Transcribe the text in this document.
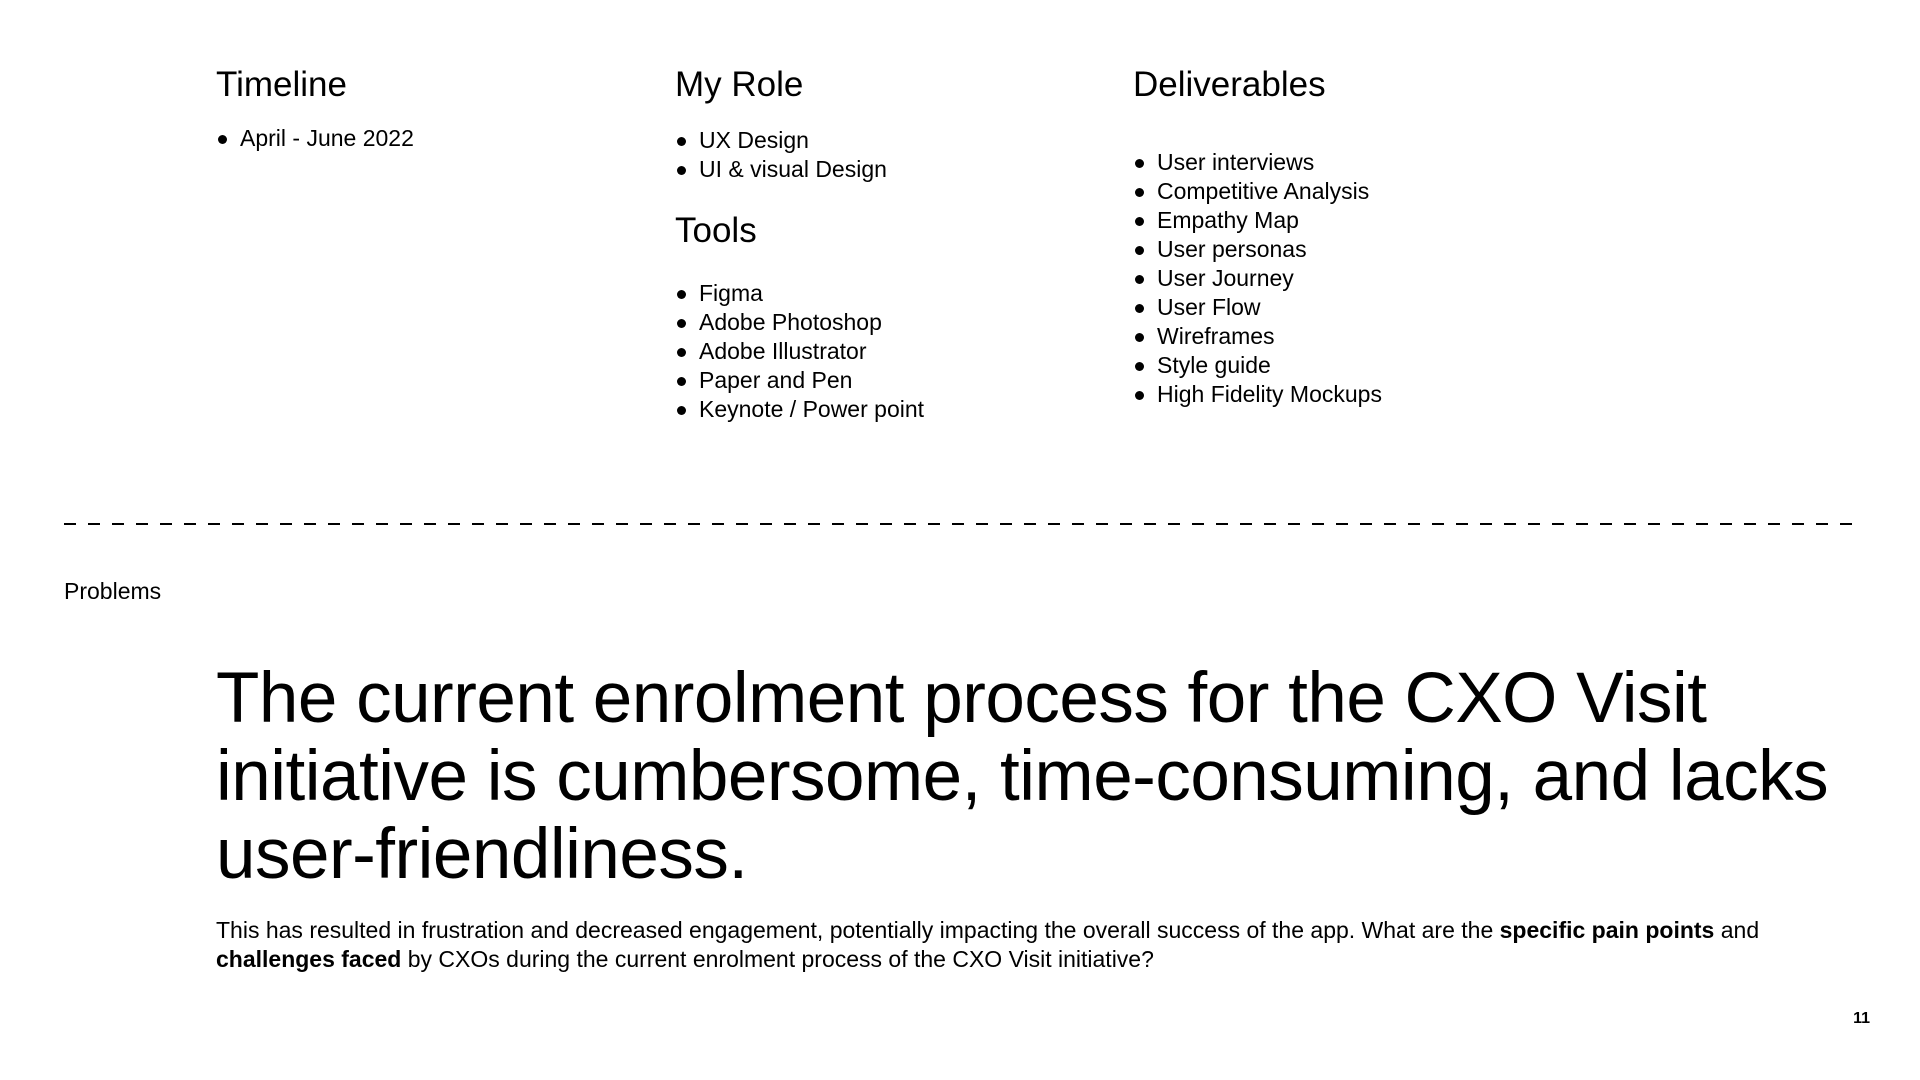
Timeline
April - June 2022
My Role
UX Design
UI & visual Design
Tools
Figma
Adobe Photoshop
Adobe Illustrator
Paper and Pen
Keynote / Power point
Deliverables
User interviews
Competitive Analysis
Empathy Map
User personas
User Journey
User Flow
Wireframes
Style guide
High Fidelity Mockups
Problems
The current enrolment process for the CXO Visit initiative is cumbersome, time-consuming, and lacks user-friendliness.

This has resulted in frustration and decreased engagement, potentially impacting the overall success of the app. What are the specific pain points and challenges faced by CXOs during the current enrolment process of the CXO Visit initiative?

11
